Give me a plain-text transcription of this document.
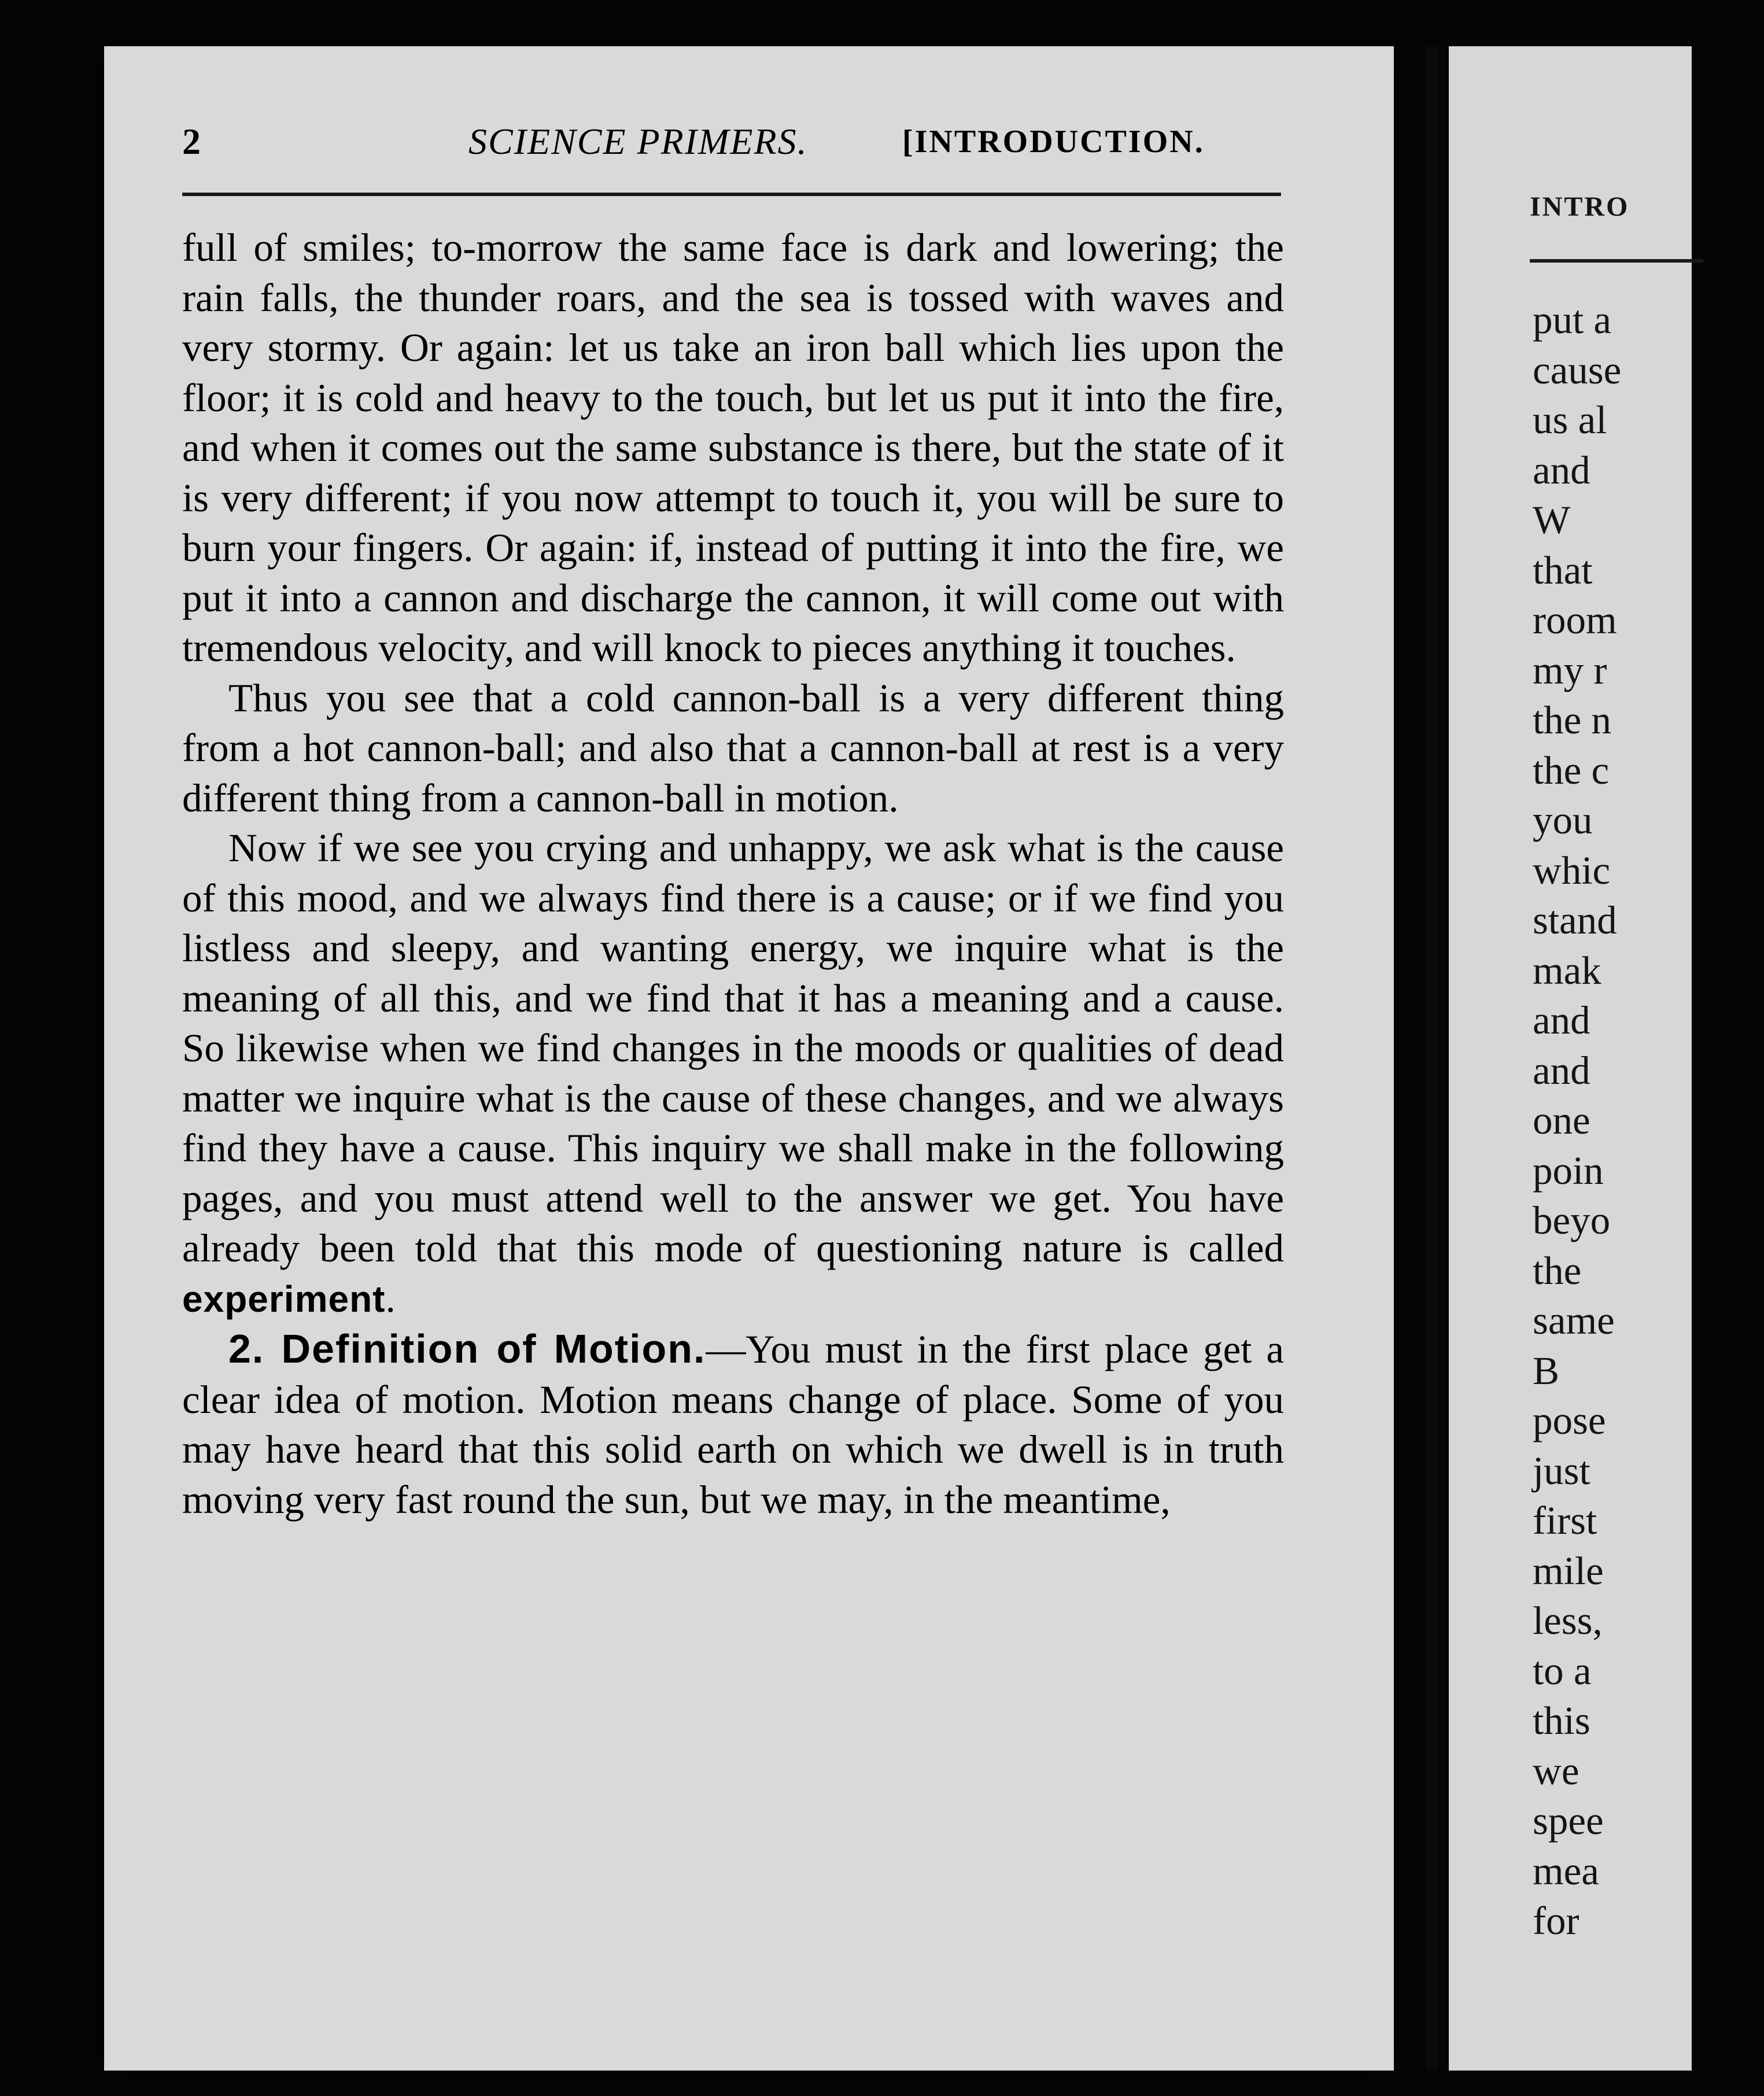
2	SCIENCE PRIMERS.	[INTRODUCTION.

full of smiles; to-morrow the same face is dark and lowering; the rain falls, the thunder roars, and the sea is tossed with waves and very stormy. Or again: let us take an iron ball which lies upon the floor; it is cold and heavy to the touch, but let us put it into the fire, and when it comes out the same substance is there, but the state of it is very different; if you now attempt to touch it, you will be sure to burn your fingers. Or again: if, instead of putting it into the fire, we put it into a cannon and discharge the cannon, it will come out with tremendous velocity, and will knock to pieces anything it touches.

Thus you see that a cold cannon-ball is a very different thing from a hot cannon-ball; and also that a cannon-ball at rest is a very different thing from a cannon-ball in motion.

Now if we see you crying and unhappy, we ask what is the cause of this mood, and we always find there is a cause; or if we find you listless and sleepy, and wanting energy, we inquire what is the meaning of all this, and we find that it has a meaning and a cause. So likewise when we find changes in the moods or qualities of dead matter we inquire what is the cause of these changes, and we always find they have a cause. This inquiry we shall make in the following pages, and you must attend well to the answer we get. You have already been told that this mode of questioning nature is called experiment.

2. Definition of Motion.—You must in the first place get a clear idea of motion. Motion means change of place. Some of you may have heard that this solid earth on which we dwell is in truth moving very fast round the sun, but we may, in the meantime,

INTRO
put a
cause
us al
and
W
that
room
my r
the n
the c
you
whic
stand
mak
and
and
one
poin
beyo
the
same
B
pose
just
first
mile
less,
to a
this
we
spee
mea
for
